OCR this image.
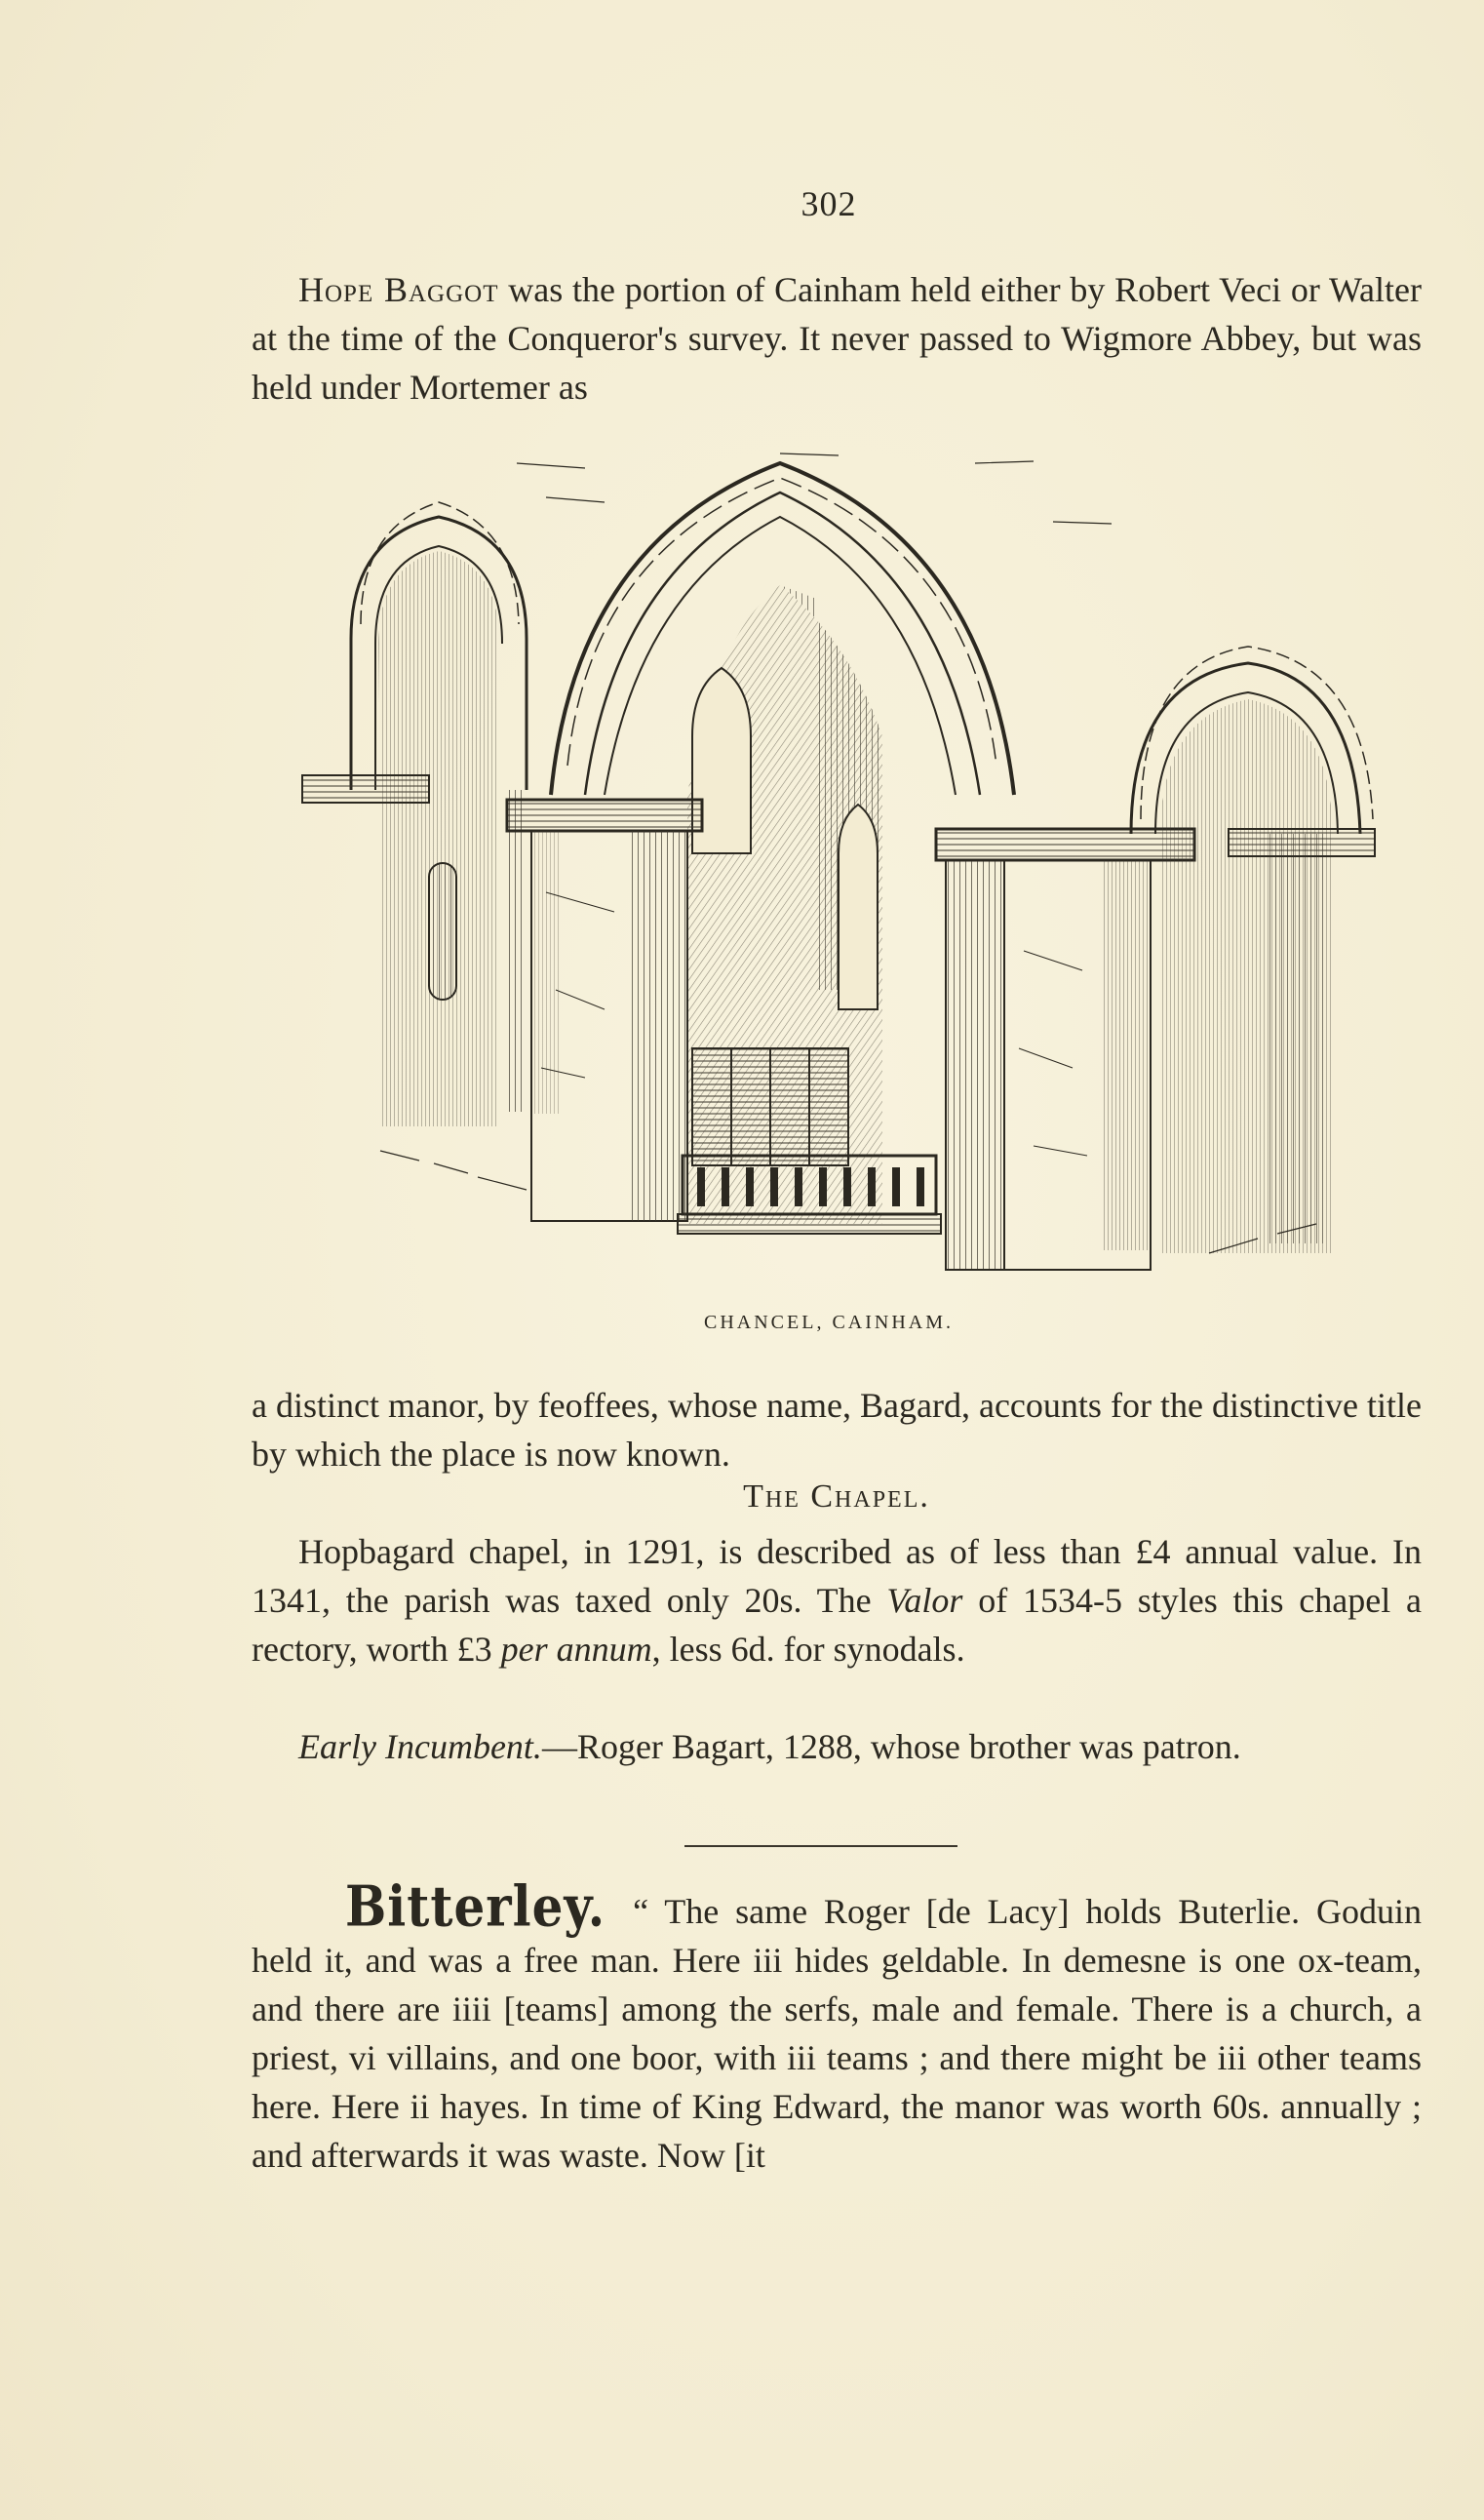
302

Hope Baggot was the portion of Cainham held either by Robert Veci or Walter at the time of the Conqueror's survey. It never passed to Wigmore Abbey, but was held under Mortemer as

CHANCEL, CAINHAM.

a distinct manor, by feoffees, whose name, Bagard, accounts for the distinctive title by which the place is now known.

The Chapel.

Hopbagard chapel, in 1291, is described as of less than £4 annual value. In 1341, the parish was taxed only 20s. The Valor of 1534-5 styles this chapel a rectory, worth £3 per annum, less 6d. for synodals.

Early Incumbent.—Roger Bagart, 1288, whose brother was patron.

Bitterley. “ The same Roger [de Lacy] holds Buterlie. Goduin held it, and was a free man. Here iii hides geldable. In demesne is one ox-team, and there are iiii [teams] among the serfs, male and female. There is a church, a priest, vi villains, and one boor, with iii teams ; and there might be iii other teams here. Here ii hayes. In time of King Edward, the manor was worth 60s. annually ; and afterwards it was waste. Now [it
